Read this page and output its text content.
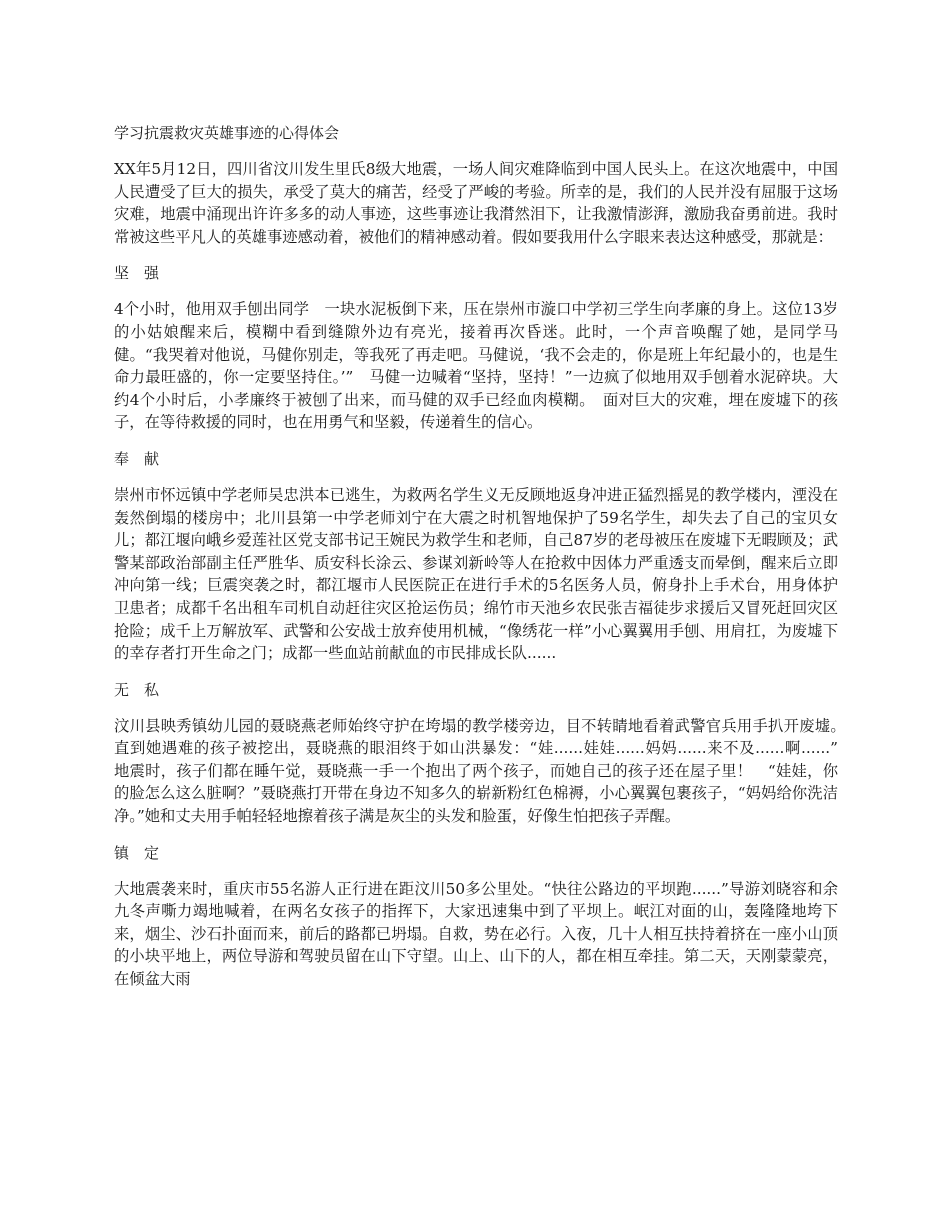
学习抗震救灾英雄事迹的心得体会

XX年5月12日，四川省汶川发生里氏8级大地震，一场人间灾难降临到中国人民头上。在这次地震中，中国人民遭受了巨大的损失，承受了莫大的痛苦，经受了严峻的考验。所幸的是，我们的人民并没有屈服于这场灾难，地震中涌现出许许多多的动人事迹，这些事迹让我潸然泪下，让我激情澎湃，激励我奋勇前进。我时常被这些平凡人的英雄事迹感动着，被他们的精神感动着。假如要我用什么字眼来表达这种感受，那就是：

坚　强

4个小时，他用双手刨出同学　一块水泥板倒下来，压在崇州市漩口中学初三学生向孝廉的身上。这位13岁的小姑娘醒来后，模糊中看到缝隙外边有亮光，接着再次昏迷。此时，一个声音唤醒了她，是同学马健。“我哭着对他说，马健你别走，等我死了再走吧。马健说，‘我不会走的，你是班上年纪最小的，也是生命力最旺盛的，你一定要坚持住。’”　马健一边喊着“坚持，坚持！”一边疯了似地用双手刨着水泥碎块。大约4个小时后，小孝廉终于被刨了出来，而马健的双手已经血肉模糊。　面对巨大的灾难，埋在废墟下的孩子，在等待救援的同时，也在用勇气和坚毅，传递着生的信心。

奉　献

崇州市怀远镇中学老师吴忠洪本已逃生，为救两名学生义无反顾地返身冲进正猛烈摇晃的教学楼内，湮没在轰然倒塌的楼房中；北川县第一中学老师刘宁在大震之时机智地保护了59名学生，却失去了自己的宝贝女儿；都江堰向峨乡爱莲社区党支部书记王婉民为救学生和老师，自己87岁的老母被压在废墟下无暇顾及；武警某部政治部副主任严胜华、质安科长涂云、参谋刘新岭等人在抢救中因体力严重透支而晕倒，醒来后立即冲向第一线；巨震突袭之时，都江堰市人民医院正在进行手术的5名医务人员，俯身扑上手术台，用身体护卫患者；成都千名出租车司机自动赶往灾区抢运伤员；绵竹市天池乡农民张吉福徒步求援后又冒死赶回灾区抢险；成千上万解放军、武警和公安战士放弃使用机械，“像绣花一样”小心翼翼用手刨、用肩扛，为废墟下的幸存者打开生命之门；成都一些血站前献血的市民排成长队......

无　私

汶川县映秀镇幼儿园的聂晓燕老师始终守护在垮塌的教学楼旁边，目不转睛地看着武警官兵用手扒开废墟。　直到她遇难的孩子被挖出，聂晓燕的眼泪终于如山洪暴发：“娃......娃娃......妈妈......来不及......啊......”　地震时，孩子们都在睡午觉，聂晓燕一手一个抱出了两个孩子，而她自己的孩子还在屋子里！　“娃娃，你的脸怎么这么脏啊？”聂晓燕打开带在身边不知多久的崭新粉红色棉褥，小心翼翼包裹孩子，“妈妈给你洗洁净。”她和丈夫用手帕轻轻地擦着孩子满是灰尘的头发和脸蛋，好像生怕把孩子弄醒。

镇　定

大地震袭来时，重庆市55名游人正行进在距汶川50多公里处。“快往公路边的平坝跑......”导游刘晓容和余九冬声嘶力竭地喊着，在两名女孩子的指挥下，大家迅速集中到了平坝上。岷江对面的山，轰隆隆地垮下来，烟尘、沙石扑面而来，前后的路都已坍塌。自救，势在必行。入夜，几十人相互扶持着挤在一座小山顶的小块平地上，两位导游和驾驶员留在山下守望。山上、山下的人，都在相互牵挂。第二天，天刚蒙蒙亮，在倾盆大雨
